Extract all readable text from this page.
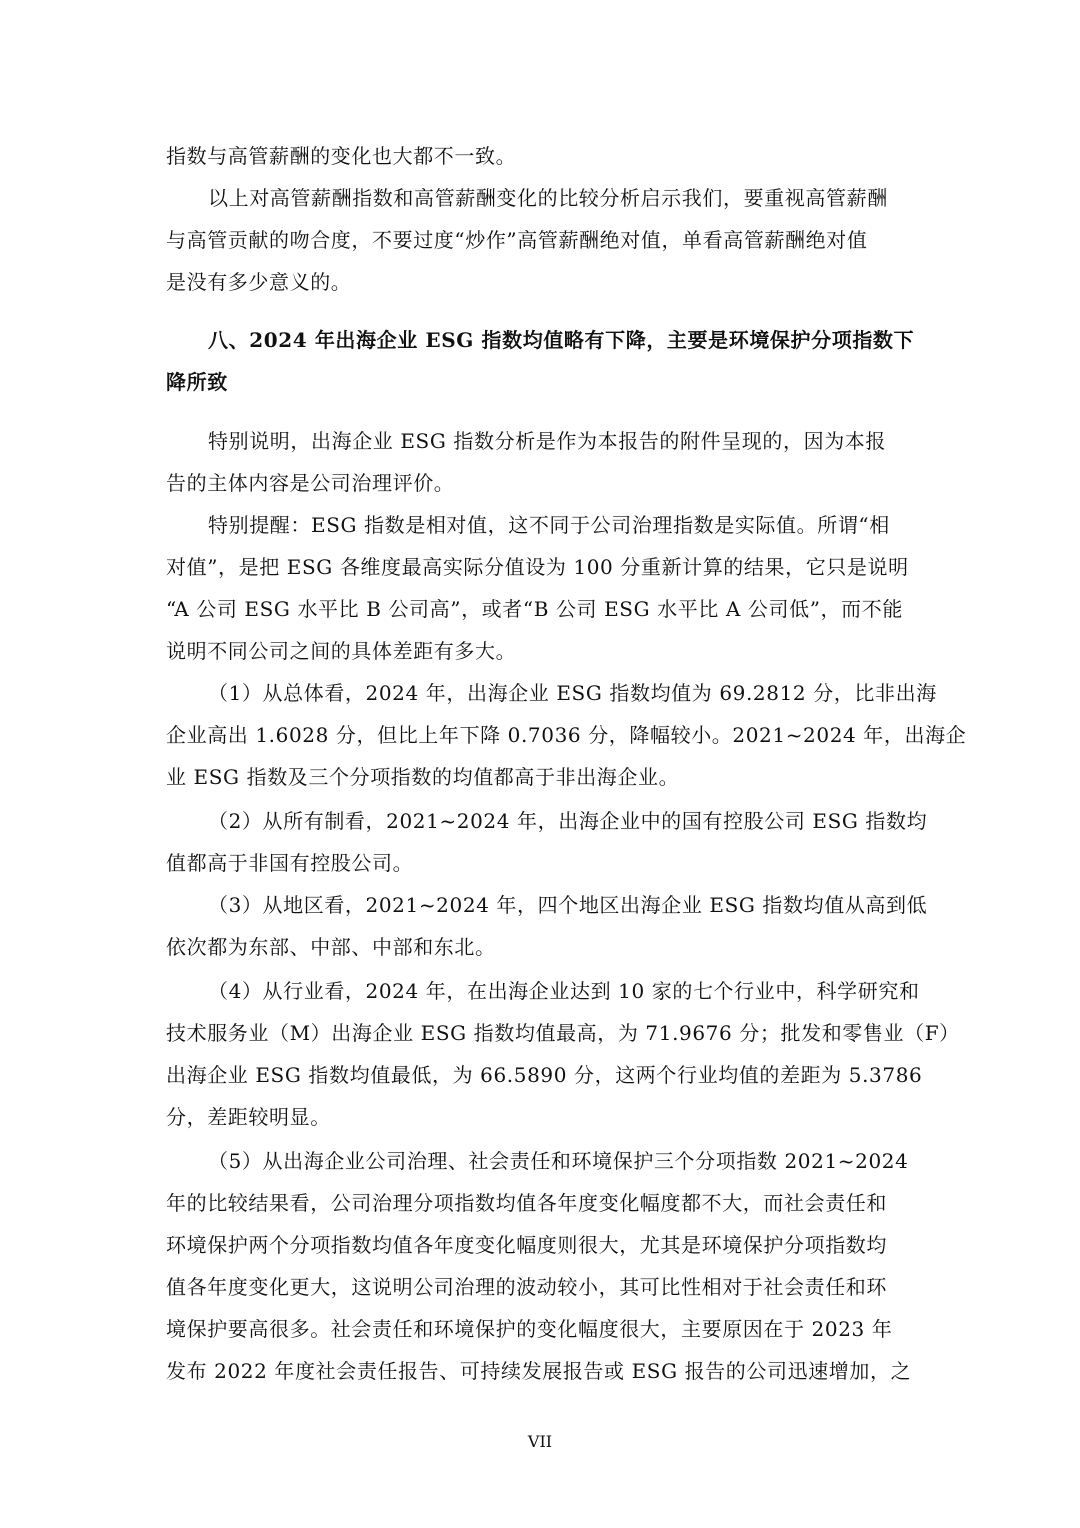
指数与高管薪酬的变化也大都不一致。
以上对高管薪酬指数和高管薪酬变化的比较分析启示我们，要重视高管薪酬
与高管贡献的吻合度，不要过度“炒作”高管薪酬绝对值，单看高管薪酬绝对值
是没有多少意义的。
八、2024 年出海企业 ESG 指数均值略有下降，主要是环境保护分项指数下
降所致
特别说明，出海企业 ESG 指数分析是作为本报告的附件呈现的，因为本报
告的主体内容是公司治理评价。
特别提醒：ESG 指数是相对值，这不同于公司治理指数是实际值。所谓“相
对值”，是把 ESG 各维度最高实际分值设为 100 分重新计算的结果，它只是说明
“A 公司 ESG 水平比 B 公司高”，或者“B 公司 ESG 水平比 A 公司低”，而不能
说明不同公司之间的具体差距有多大。
（1）从总体看，2024 年，出海企业 ESG 指数均值为 69.2812 分，比非出海
企业高出 1.6028 分，但比上年下降 0.7036 分，降幅较小。2021~2024 年，出海企
业 ESG 指数及三个分项指数的均值都高于非出海企业。
（2）从所有制看，2021~2024 年，出海企业中的国有控股公司 ESG 指数均
值都高于非国有控股公司。
（3）从地区看，2021~2024 年，四个地区出海企业 ESG 指数均值从高到低
依次都为东部、中部、中部和东北。
（4）从行业看，2024 年，在出海企业达到 10 家的七个行业中，科学研究和
技术服务业（M）出海企业 ESG 指数均值最高，为 71.9676 分；批发和零售业（F）
出海企业 ESG 指数均值最低，为 66.5890 分，这两个行业均值的差距为 5.3786
分，差距较明显。
（5）从出海企业公司治理、社会责任和环境保护三个分项指数 2021~2024
年的比较结果看，公司治理分项指数均值各年度变化幅度都不大，而社会责任和
环境保护两个分项指数均值各年度变化幅度则很大，尤其是环境保护分项指数均
值各年度变化更大，这说明公司治理的波动较小，其可比性相对于社会责任和环
境保护要高很多。社会责任和环境保护的变化幅度很大，主要原因在于 2023 年
发布 2022 年度社会责任报告、可持续发展报告或 ESG 报告的公司迅速增加，之
VII
